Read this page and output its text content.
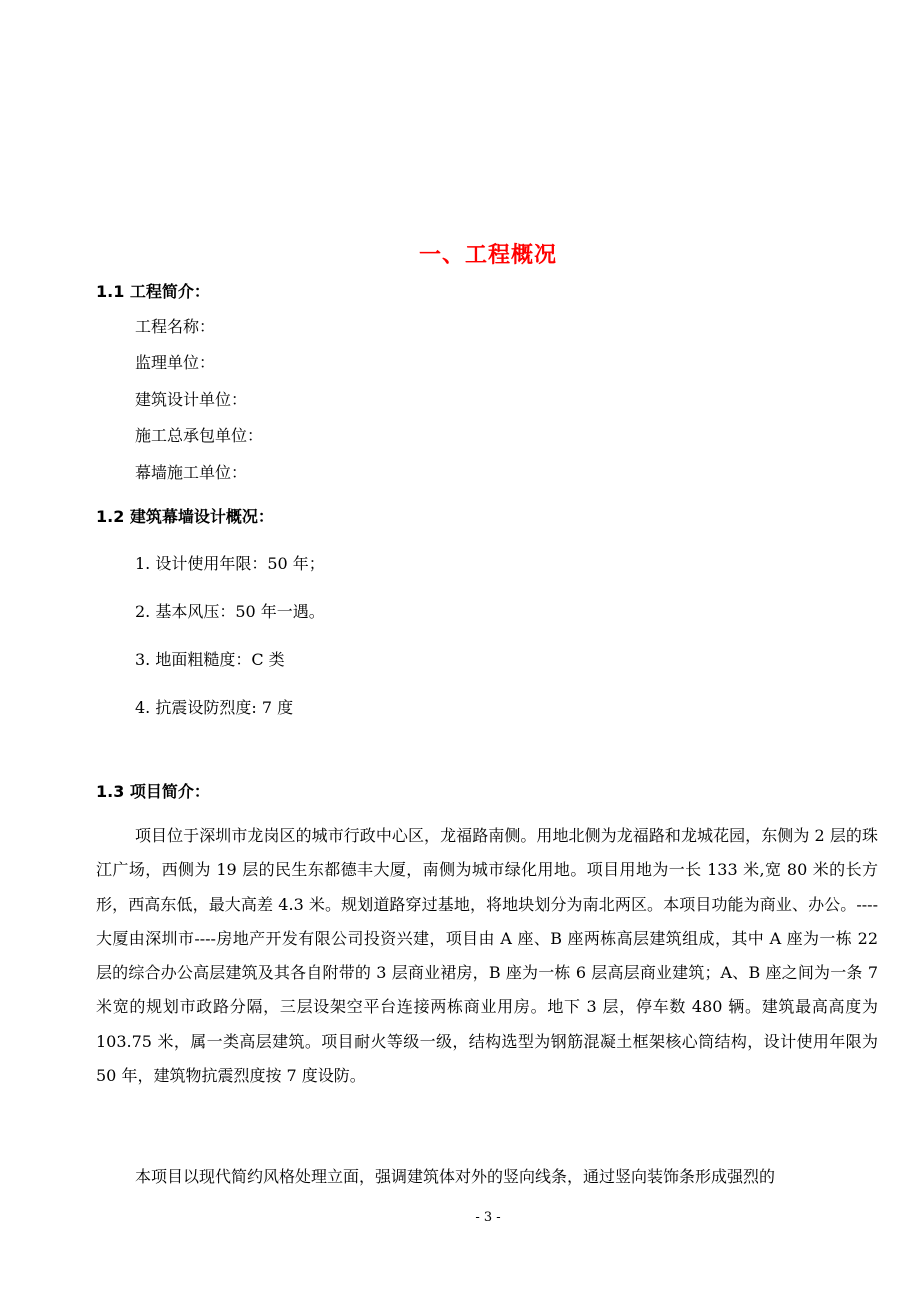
一、工程概况
1.1 工程简介：
工程名称：
监理单位：
建筑设计单位：
施工总承包单位：
幕墙施工单位：
1.2 建筑幕墙设计概况：
1. 设计使用年限：50 年；
2. 基本风压：50 年一遇。
3. 地面粗糙度：C 类
4. 抗震设防烈度: 7 度
1.3 项目简介：

项目位于深圳市龙岗区的城市行政中心区，龙福路南侧。用地北侧为龙福路和龙城花园，东侧为 2 层的珠江广场，西侧为 19 层的民生东都德丰大厦，南侧为城市绿化用地。项目用地为一长 133 米,宽 80 米的长方形，西高东低，最大高差 4.3 米。规划道路穿过基地，将地块划分为南北两区。本项目功能为商业、办公。----大厦由深圳市----房地产开发有限公司投资兴建，项目由 A 座、B 座两栋高层建筑组成，其中 A 座为一栋 22 层的综合办公高层建筑及其各自附带的 3 层商业裙房，B 座为一栋 6 层高层商业建筑；A、B 座之间为一条 7 米宽的规划市政路分隔，三层设架空平台连接两栋商业用房。地下 3 层，停车数 480 辆。建筑最高高度为 103.75 米，属一类高层建筑。项目耐火等级一级，结构选型为钢筋混凝土框架核心筒结构，设计使用年限为 50 年，建筑物抗震烈度按 7 度设防。

本项目以现代简约风格处理立面，强调建筑体对外的竖向线条，通过竖向装饰条形成强烈的

- 3 -
